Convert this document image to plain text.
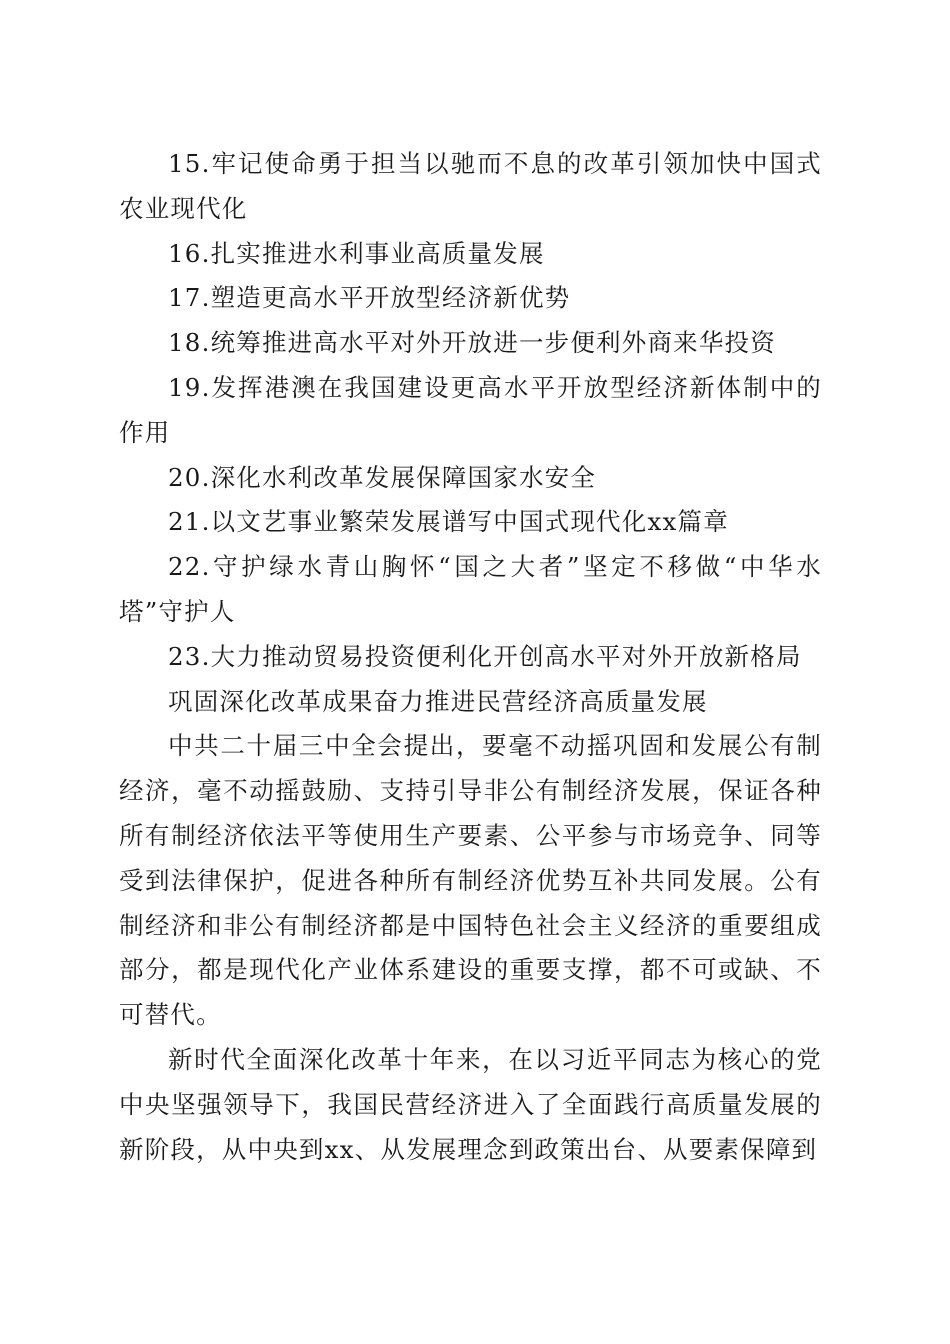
15.牢记使命勇于担当以驰而不息的改革引领加快中国式农业现代化

16.扎实推进水利事业高质量发展

17.塑造更高水平开放型经济新优势

18.统筹推进高水平对外开放进一步便利外商来华投资

19.发挥港澳在我国建设更高水平开放型经济新体制中的作用

20.深化水利改革发展保障国家水安全

21.以文艺事业繁荣发展谱写中国式现代化xx篇章

22.守护绿水青山胸怀“国之大者”坚定不移做“中华水塔”守护人

23.大力推动贸易投资便利化开创高水平对外开放新格局

巩固深化改革成果奋力推进民营经济高质量发展

中共二十届三中全会提出，要毫不动摇巩固和发展公有制经济，毫不动摇鼓励、支持引导非公有制经济发展，保证各种所有制经济依法平等使用生产要素、公平参与市场竞争、同等受到法律保护，促进各种所有制经济优势互补共同发展。公有制经济和非公有制经济都是中国特色社会主义经济的重要组成部分，都是现代化产业体系建设的重要支撑，都不可或缺、不可替代。

新时代全面深化改革十年来，在以习近平同志为核心的党中央坚强领导下，我国民营经济进入了全面践行高质量发展的新阶段，从中央到xx、从发展理念到政策出台、从要素保障到
